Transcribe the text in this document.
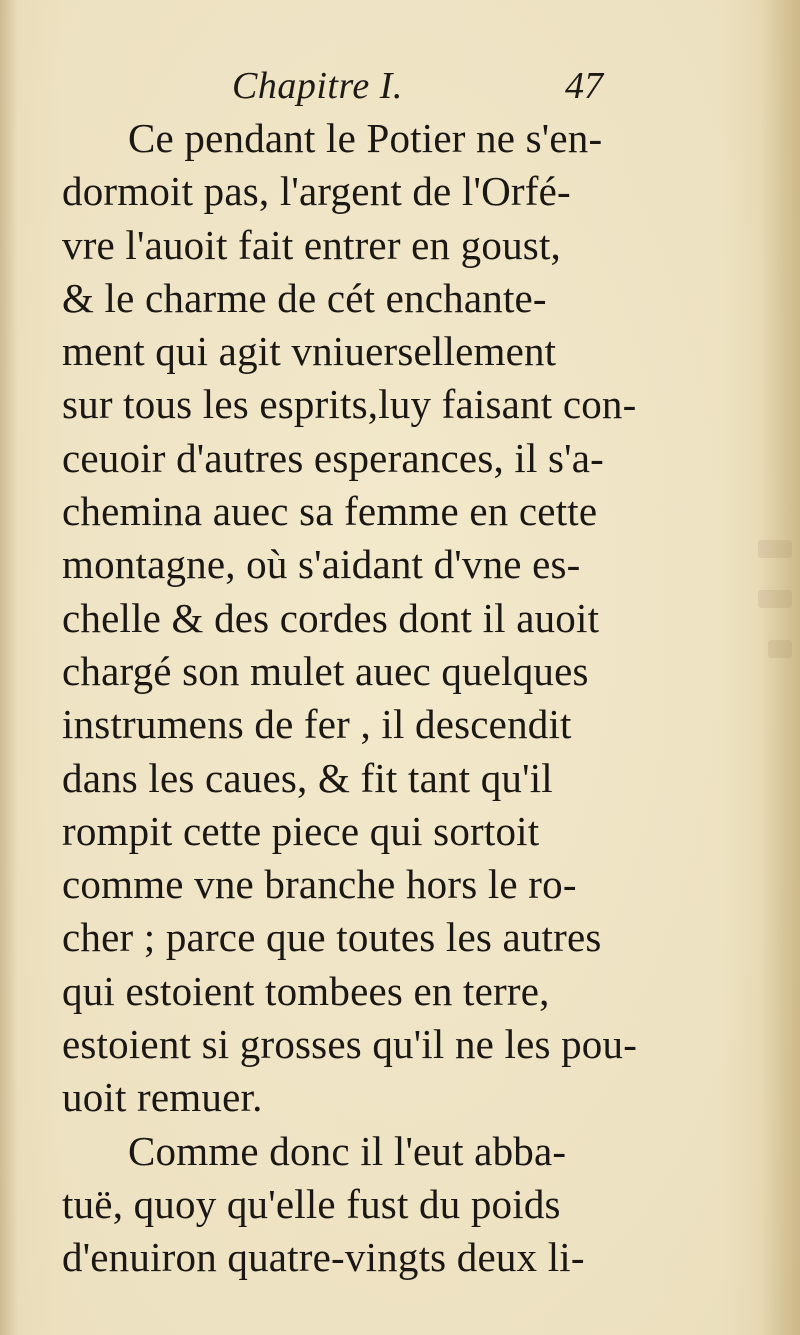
Chapitre I.	47
Ce pendant le Potier ne s'en-
dormoit pas, l'argent de l'Orfé-
vre l'auoit fait entrer en goust,
& le charme de cét enchante-
ment qui agit vniuersellement
sur tous les esprits,luy faisant con-
ceuoir d'autres esperances, il s'a-
chemina auec sa femme en cette
montagne, où s'aidant d'vne es-
chelle & des cordes dont il auoit
chargé son mulet auec quelques
instrumens de fer , il descendit
dans les caues, & fit tant qu'il
rompit cette piece qui sortoit
comme vne branche hors le ro-
cher ; parce que toutes les autres
qui estoient tombees en terre,
estoient si grosses qu'il ne les pou-
uoit remuer.
Comme donc il l'eut abba-
tuë, quoy qu'elle fust du poids
d'enuiron quatre-vingts deux li-
